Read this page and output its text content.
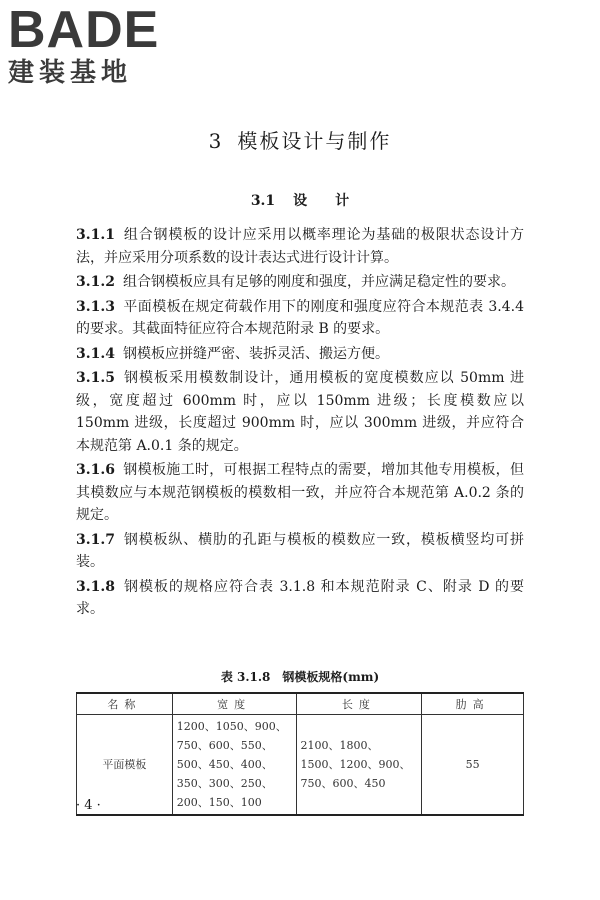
BADE
建装基地
3 模板设计与制作
3.1 设 计

3.1.1 组合钢模板的设计应采用以概率理论为基础的极限状态设计方法，并应采用分项系数的设计表达式进行设计计算。

3.1.2 组合钢模板应具有足够的刚度和强度，并应满足稳定性的要求。

3.1.3 平面模板在规定荷载作用下的刚度和强度应符合本规范表 3.4.4 的要求。其截面特征应符合本规范附录 B 的要求。

3.1.4 钢模板应拼缝严密、装拆灵活、搬运方便。

3.1.5 钢模板采用模数制设计，通用模板的宽度模数应以 50mm 进级，宽度超过 600mm 时，应以 150mm 进级；长度模数应以 150mm 进级，长度超过 900mm 时，应以 300mm 进级，并应符合本规范第 A.0.1 条的规定。

3.1.6 钢模板施工时，可根据工程特点的需要，增加其他专用模板，但其模数应与本规范钢模板的模数相一致，并应符合本规范第 A.0.2 条的规定。

3.1.7 钢模板纵、横肋的孔距与模板的模数应一致，模板横竖均可拼装。

3.1.8 钢模板的规格应符合表 3.1.8 和本规范附录 C、附录 D 的要求。

表 3.1.8 钢模板规格(mm)
名称	宽度	长度	肋高
平面模板	1200、1050、900、750、600、550、500、450、400、350、300、250、200、150、100	2100、1800、1500、1200、900、750、600、450	55
· 4 ·
